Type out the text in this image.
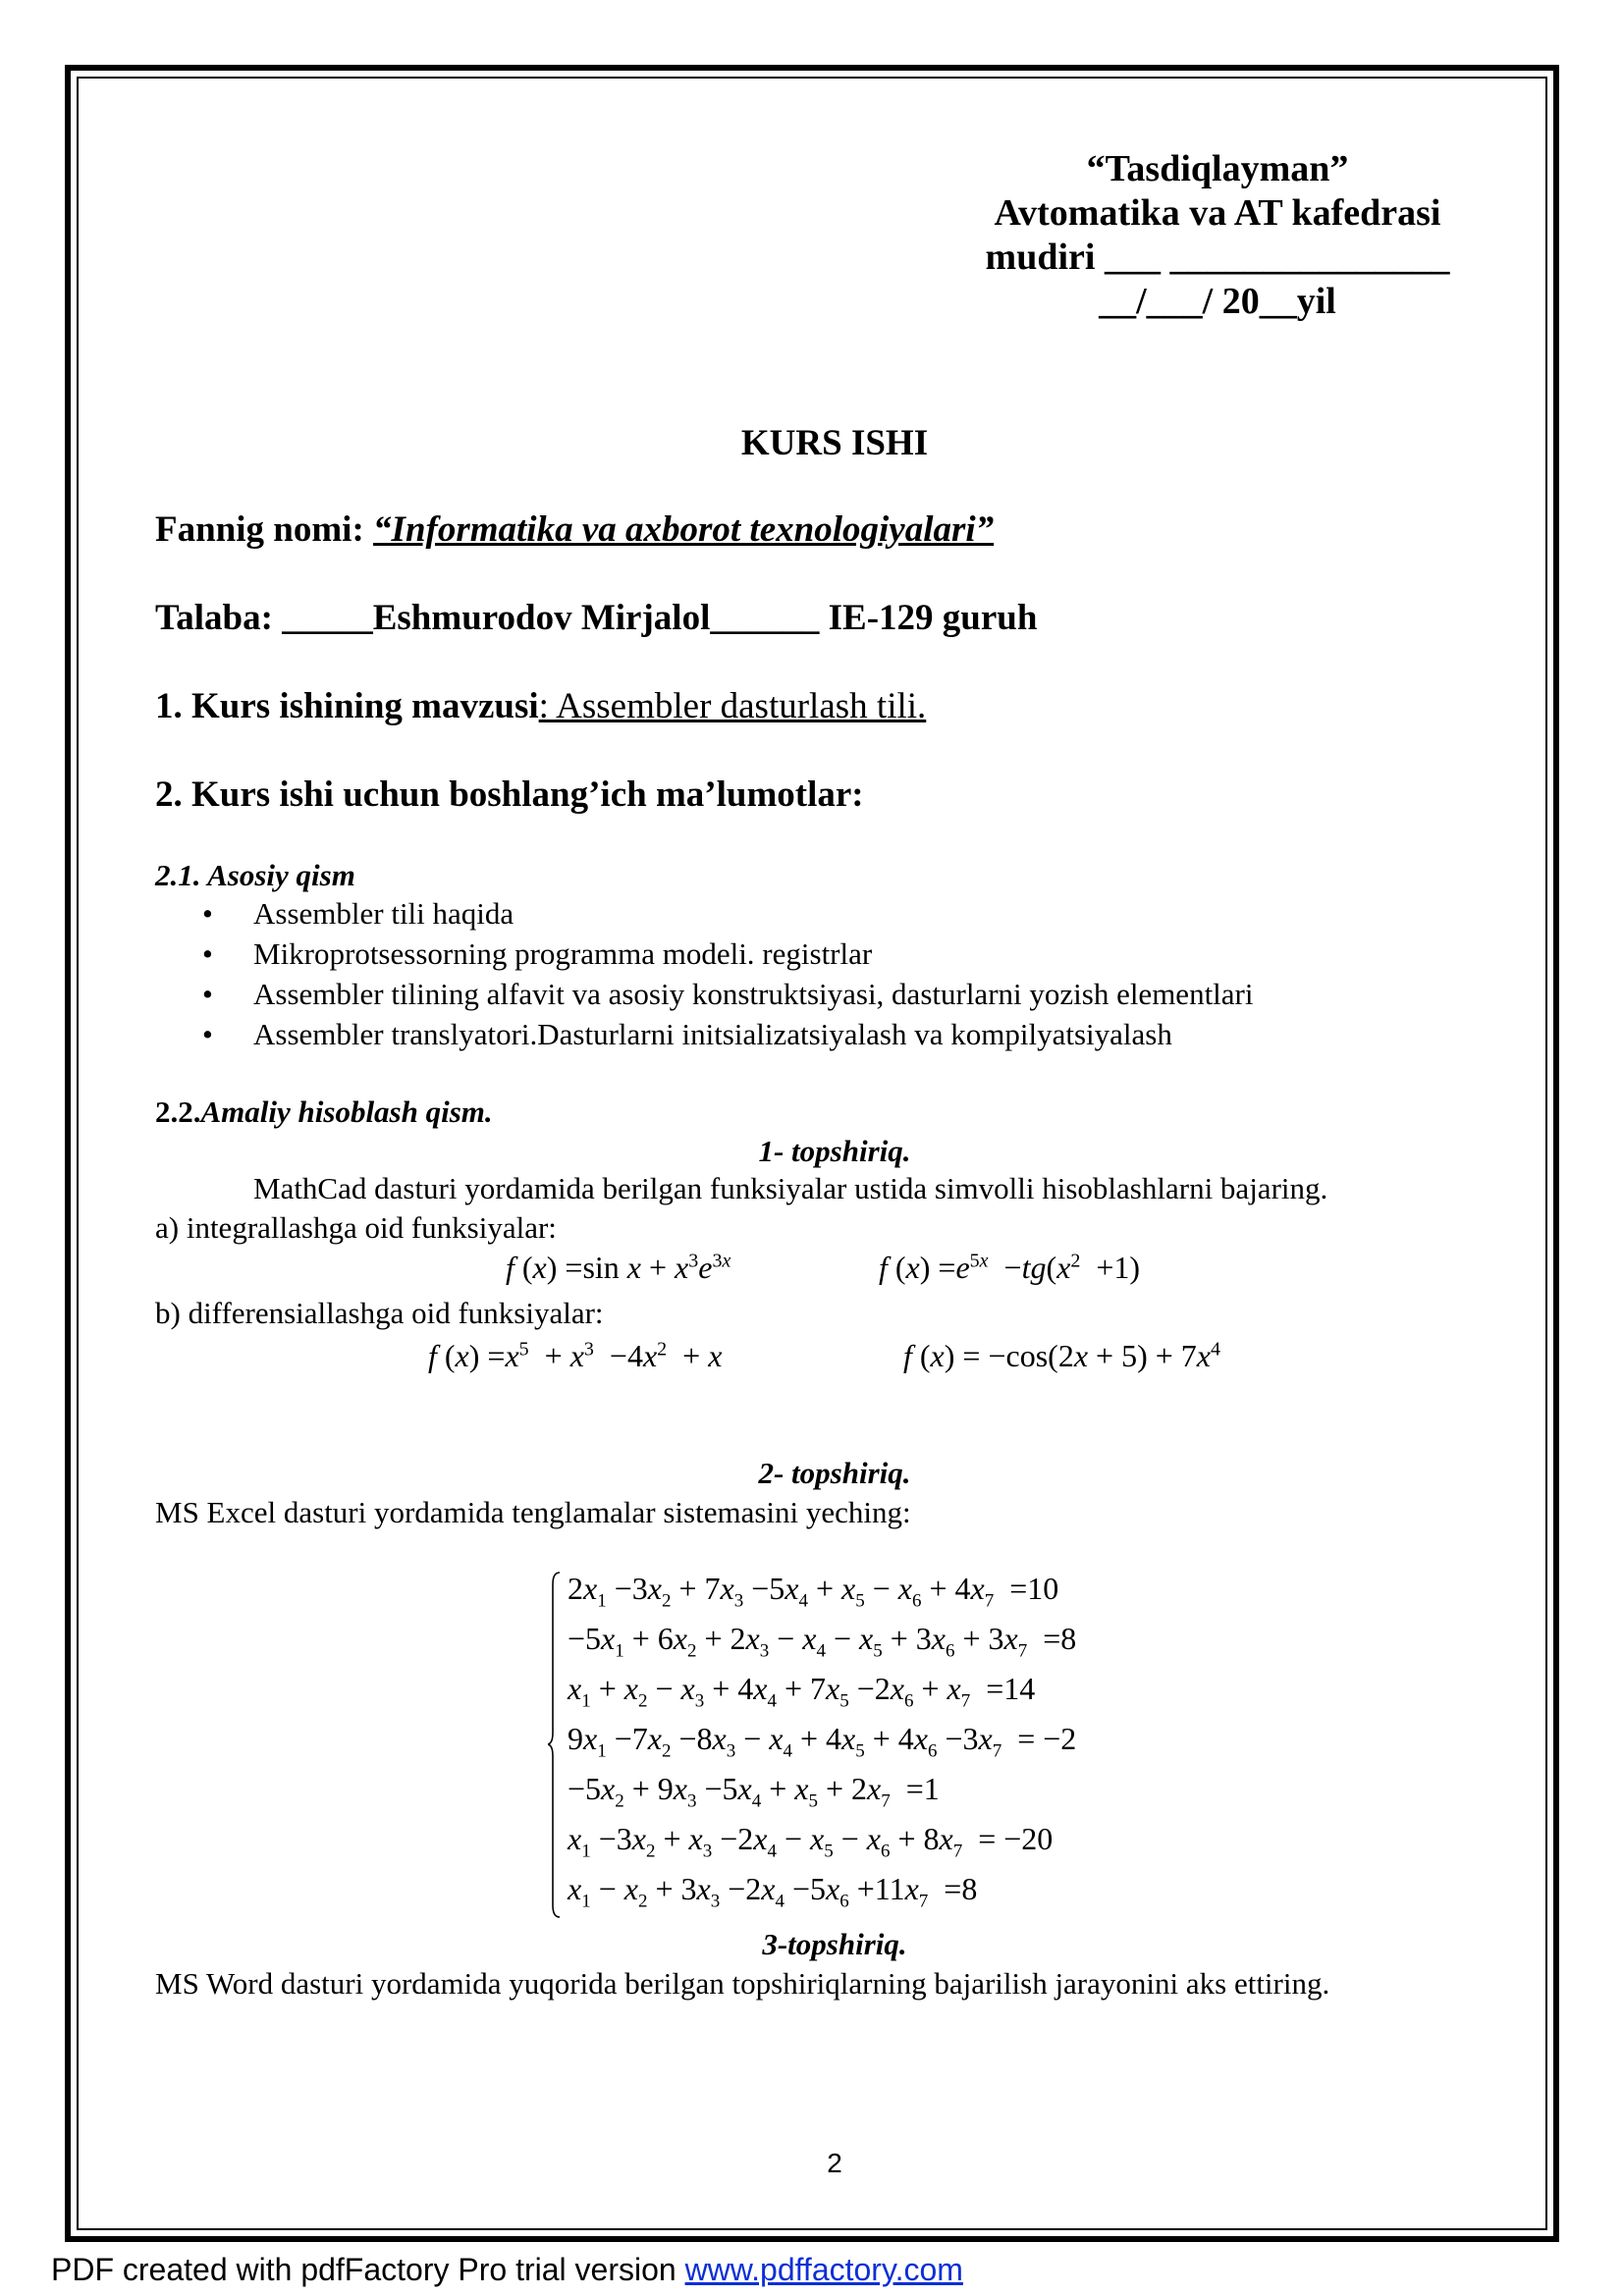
“Tasdiqlayman”
Avtomatika va AT kafedrasi
mudiri ___ _______________
__/___/ 20__yil
KURS ISHI
Fannig nomi: “Informatika va axborot texnologiyalari”
Talaba: _____Eshmurodov Mirjalol______ IE-129 guruh
1. Kurs ishining mavzusi: Assembler dasturlash tili.
2. Kurs ishi uchun boshlang’ich ma’lumotlar:
2.1. Asosiy qism
• Assembler tili haqida
• Mikroprotsessorning programma modeli. registrlar
• Assembler tilining alfavit va asosiy konstruktsiyasi, dasturlarni yozish elementlari
• Assembler translyatori.Dasturlarni initsializatsiyalash va kompilyatsiyalash
2.2.Amaliy hisoblash qism.
1- topshiriq.
MathCad dasturi yordamida berilgan funksiyalar ustida simvolli hisoblashlarni bajaring.
a) integrallashga oid funksiyalar:
f (x) =sin $x + x^3e^{3x}$	f $(x) =e^{5x} -tg(x^2 +1)$
b) differensiallashga oid funksiyalar:
f $(x) =x^5 + x^3 -4x^2 + x$	f $(x) = -\cos(2x + 5) + 7x^4$
2- topshiriq.
MS Excel dasturi yordamida tenglamalar sistemasini yeching:
$2x_1 -3x_2 + 7x_3 -5x_4 + x_5 - x_6 + 4x_7 =10$
$-5x_1 + 6x_2 + 2x_3 - x_4 - x_5 + 3x_6 + 3x_7 =8$
$x_1 + x_2 - x_3 + 4x_4 + 7x_5 -2x_6 + x_7 =14$
$9x_1 -7x_2 -8x_3 - x_4 + 4x_5 + 4x_6 -3x_7 = -2$
$-5x_2 + 9x_3 -5x_4 + x_5 + 2x_7 =1$
$x_1 -3x_2 + x_3 -2x_4 - x_5 - x_6 + 8x_7 = -20$
$x_1 - x_2 + 3x_3 -2x_4 -5x_6 +11x_7 =8$
3-topshiriq.
MS Word dasturi yordamida yuqorida berilgan topshiriqlarning bajarilish jarayonini aks ettiring.
2
PDF created with pdfFactory Pro trial version www.pdffactory.com
